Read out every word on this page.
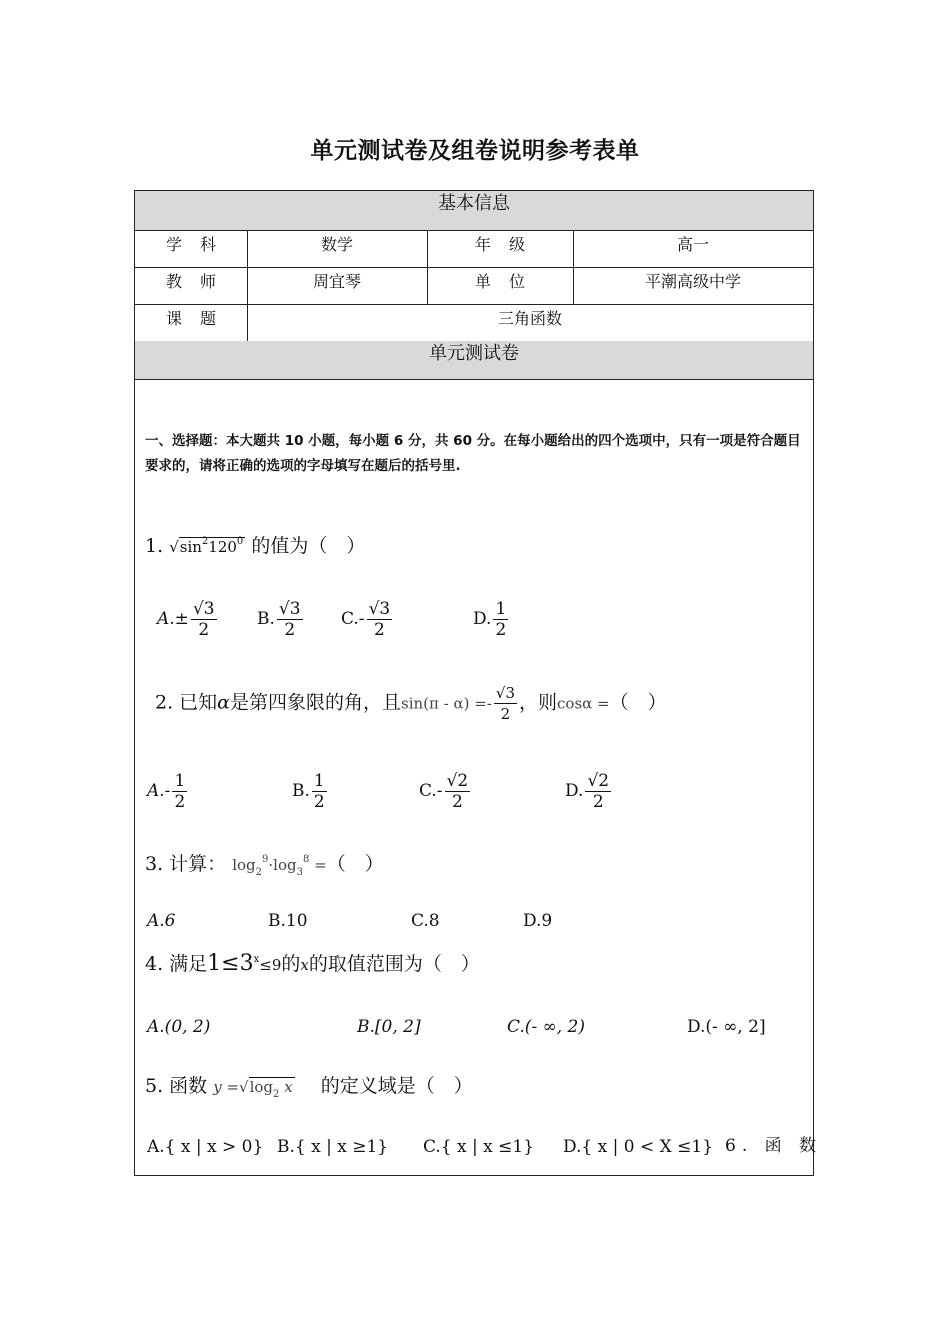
单元测试卷及组卷说明参考表单
基本信息
学科	数学	年级	高一
教师	周宜琴	单位	平潮高级中学
课题	三角函数
单元测试卷
一、选择题：本大题共 10 小题，每小题 6 分，共 60 分。在每小题给出的四个选项中，只有一项是符合题目要求的，请将正确的选项的字母填写在题后的括号里.
1. $√\sin^2120^0$ 的值为（　）
$A.\pm \frac{√3}{2} B$. $\frac{√3}{2} C.- \frac{√3}{2}$	D. $\frac{1}{2}$
2. 已知α是第四象限的角，且$\sin(\pi - \alpha) =- \frac{√3}{2}$ ，则cosα =（　）
$A.- \frac{1}{2}$	B. $\frac{1}{2}$	$C.- \frac{√2}{2}$	D. $\frac{√2}{2}$
3. 计算： $\log_2^9\cdot\log_3^8$ =（　）
A.6	B.10	C.8	D.9
4. 满足$1\le 3^x\le 9$的x的取值范围为（　）
A.(0, 2)	B.[0, 2]	C.(- ∞, 2)	D.(- ∞, 2]
5. 函数 $y =√\log_2$ x 的定义域是（　）
A.{ x | x > 0} B.{ x | x ≥1} C.{ x | x ≤1} D.{ x | 0 < X ≤1} 6. 函 数
